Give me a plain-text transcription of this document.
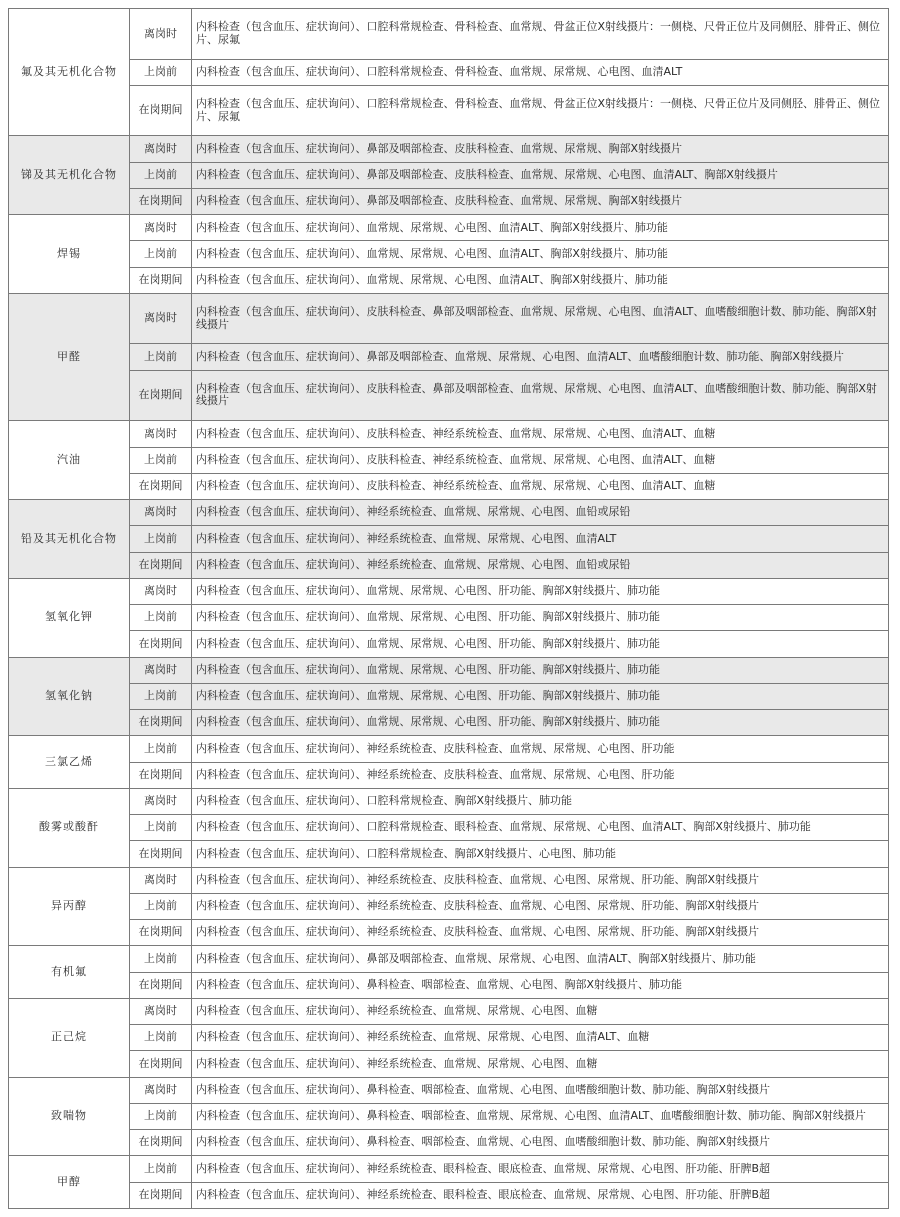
氟及其无机化合物	离岗时	内科检查（包含血压、症状询问）、口腔科常规检查、骨科检查、血常规、骨盆正位X射线摄片：一侧桡、尺骨正位片及同侧胫、腓骨正、侧位片、尿氟
	上岗前	内科检查（包含血压、症状询问）、口腔科常规检查、骨科检查、血常规、尿常规、心电图、血清ALT
	在岗期间	内科检查（包含血压、症状询问）、口腔科常规检查、骨科检查、血常规、骨盆正位X射线摄片：一侧桡、尺骨正位片及同侧胫、腓骨正、侧位片、尿氟
锑及其无机化合物	离岗时	内科检查（包含血压、症状询问）、鼻部及咽部检查、皮肤科检查、血常规、尿常规、胸部X射线摄片
	上岗前	内科检查（包含血压、症状询问）、鼻部及咽部检查、皮肤科检查、血常规、尿常规、心电图、血清ALT、胸部X射线摄片
	在岗期间	内科检查（包含血压、症状询问）、鼻部及咽部检查、皮肤科检查、血常规、尿常规、胸部X射线摄片
焊锡	离岗时	内科检查（包含血压、症状询问）、血常规、尿常规、心电图、血清ALT、胸部X射线摄片、肺功能
	上岗前	内科检查（包含血压、症状询问）、血常规、尿常规、心电图、血清ALT、胸部X射线摄片、肺功能
	在岗期间	内科检查（包含血压、症状询问）、血常规、尿常规、心电图、血清ALT、胸部X射线摄片、肺功能
甲醛	离岗时	内科检查（包含血压、症状询问）、皮肤科检查、鼻部及咽部检查、血常规、尿常规、心电图、血清ALT、血嗜酸细胞计数、肺功能、胸部X射线摄片
	上岗前	内科检查（包含血压、症状询问）、鼻部及咽部检查、血常规、尿常规、心电图、血清ALT、血嗜酸细胞计数、肺功能、胸部X射线摄片
	在岗期间	内科检查（包含血压、症状询问）、皮肤科检查、鼻部及咽部检查、血常规、尿常规、心电图、血清ALT、血嗜酸细胞计数、肺功能、胸部X射线摄片
汽油	离岗时	内科检查（包含血压、症状询问）、皮肤科检查、神经系统检查、血常规、尿常规、心电图、血清ALT、血糖
	上岗前	内科检查（包含血压、症状询问）、皮肤科检查、神经系统检查、血常规、尿常规、心电图、血清ALT、血糖
	在岗期间	内科检查（包含血压、症状询问）、皮肤科检查、神经系统检查、血常规、尿常规、心电图、血清ALT、血糖
铅及其无机化合物	离岗时	内科检查（包含血压、症状询问）、神经系统检查、血常规、尿常规、心电图、血铅或尿铅
	上岗前	内科检查（包含血压、症状询问）、神经系统检查、血常规、尿常规、心电图、血清ALT
	在岗期间	内科检查（包含血压、症状询问）、神经系统检查、血常规、尿常规、心电图、血铅或尿铅
氢氧化钾	离岗时	内科检查（包含血压、症状询问）、血常规、尿常规、心电图、肝功能、胸部X射线摄片、肺功能
	上岗前	内科检查（包含血压、症状询问）、血常规、尿常规、心电图、肝功能、胸部X射线摄片、肺功能
	在岗期间	内科检查（包含血压、症状询问）、血常规、尿常规、心电图、肝功能、胸部X射线摄片、肺功能
氢氧化钠	离岗时	内科检查（包含血压、症状询问）、血常规、尿常规、心电图、肝功能、胸部X射线摄片、肺功能
	上岗前	内科检查（包含血压、症状询问）、血常规、尿常规、心电图、肝功能、胸部X射线摄片、肺功能
	在岗期间	内科检查（包含血压、症状询问）、血常规、尿常规、心电图、肝功能、胸部X射线摄片、肺功能
三氯乙烯	上岗前	内科检查（包含血压、症状询问）、神经系统检查、皮肤科检查、血常规、尿常规、心电图、肝功能
	在岗期间	内科检查（包含血压、症状询问）、神经系统检查、皮肤科检查、血常规、尿常规、心电图、肝功能
酸雾或酸酐	离岗时	内科检查（包含血压、症状询问）、口腔科常规检查、胸部X射线摄片、肺功能
	上岗前	内科检查（包含血压、症状询问）、口腔科常规检查、眼科检查、血常规、尿常规、心电图、血清ALT、胸部X射线摄片、肺功能
	在岗期间	内科检查（包含血压、症状询问）、口腔科常规检查、胸部X射线摄片、心电图、肺功能
异丙醇	离岗时	内科检查（包含血压、症状询问）、神经系统检查、皮肤科检查、血常规、心电图、尿常规、肝功能、胸部X射线摄片
	上岗前	内科检查（包含血压、症状询问）、神经系统检查、皮肤科检查、血常规、心电图、尿常规、肝功能、胸部X射线摄片
	在岗期间	内科检查（包含血压、症状询问）、神经系统检查、皮肤科检查、血常规、心电图、尿常规、肝功能、胸部X射线摄片
有机氟	上岗前	内科检查（包含血压、症状询问）、鼻部及咽部检查、血常规、尿常规、心电图、血清ALT、胸部X射线摄片、肺功能
	在岗期间	内科检查（包含血压、症状询问）、鼻科检查、咽部检查、血常规、心电图、胸部X射线摄片、肺功能
正己烷	离岗时	内科检查（包含血压、症状询问）、神经系统检查、血常规、尿常规、心电图、血糖
	上岗前	内科检查（包含血压、症状询问）、神经系统检查、血常规、尿常规、心电图、血清ALT、血糖
	在岗期间	内科检查（包含血压、症状询问）、神经系统检查、血常规、尿常规、心电图、血糖
致喘物	离岗时	内科检查（包含血压、症状询问）、鼻科检查、咽部检查、血常规、心电图、血嗜酸细胞计数、肺功能、胸部X射线摄片
	上岗前	内科检查（包含血压、症状询问）、鼻科检查、咽部检查、血常规、尿常规、心电图、血清ALT、血嗜酸细胞计数、肺功能、胸部X射线摄片
	在岗期间	内科检查（包含血压、症状询问）、鼻科检查、咽部检查、血常规、心电图、血嗜酸细胞计数、肺功能、胸部X射线摄片
甲醇	上岗前	内科检查（包含血压、症状询问）、神经系统检查、眼科检查、眼底检查、血常规、尿常规、心电图、肝功能、肝脾B超
	在岗期间	内科检查（包含血压、症状询问）、神经系统检查、眼科检查、眼底检查、血常规、尿常规、心电图、肝功能、肝脾B超
